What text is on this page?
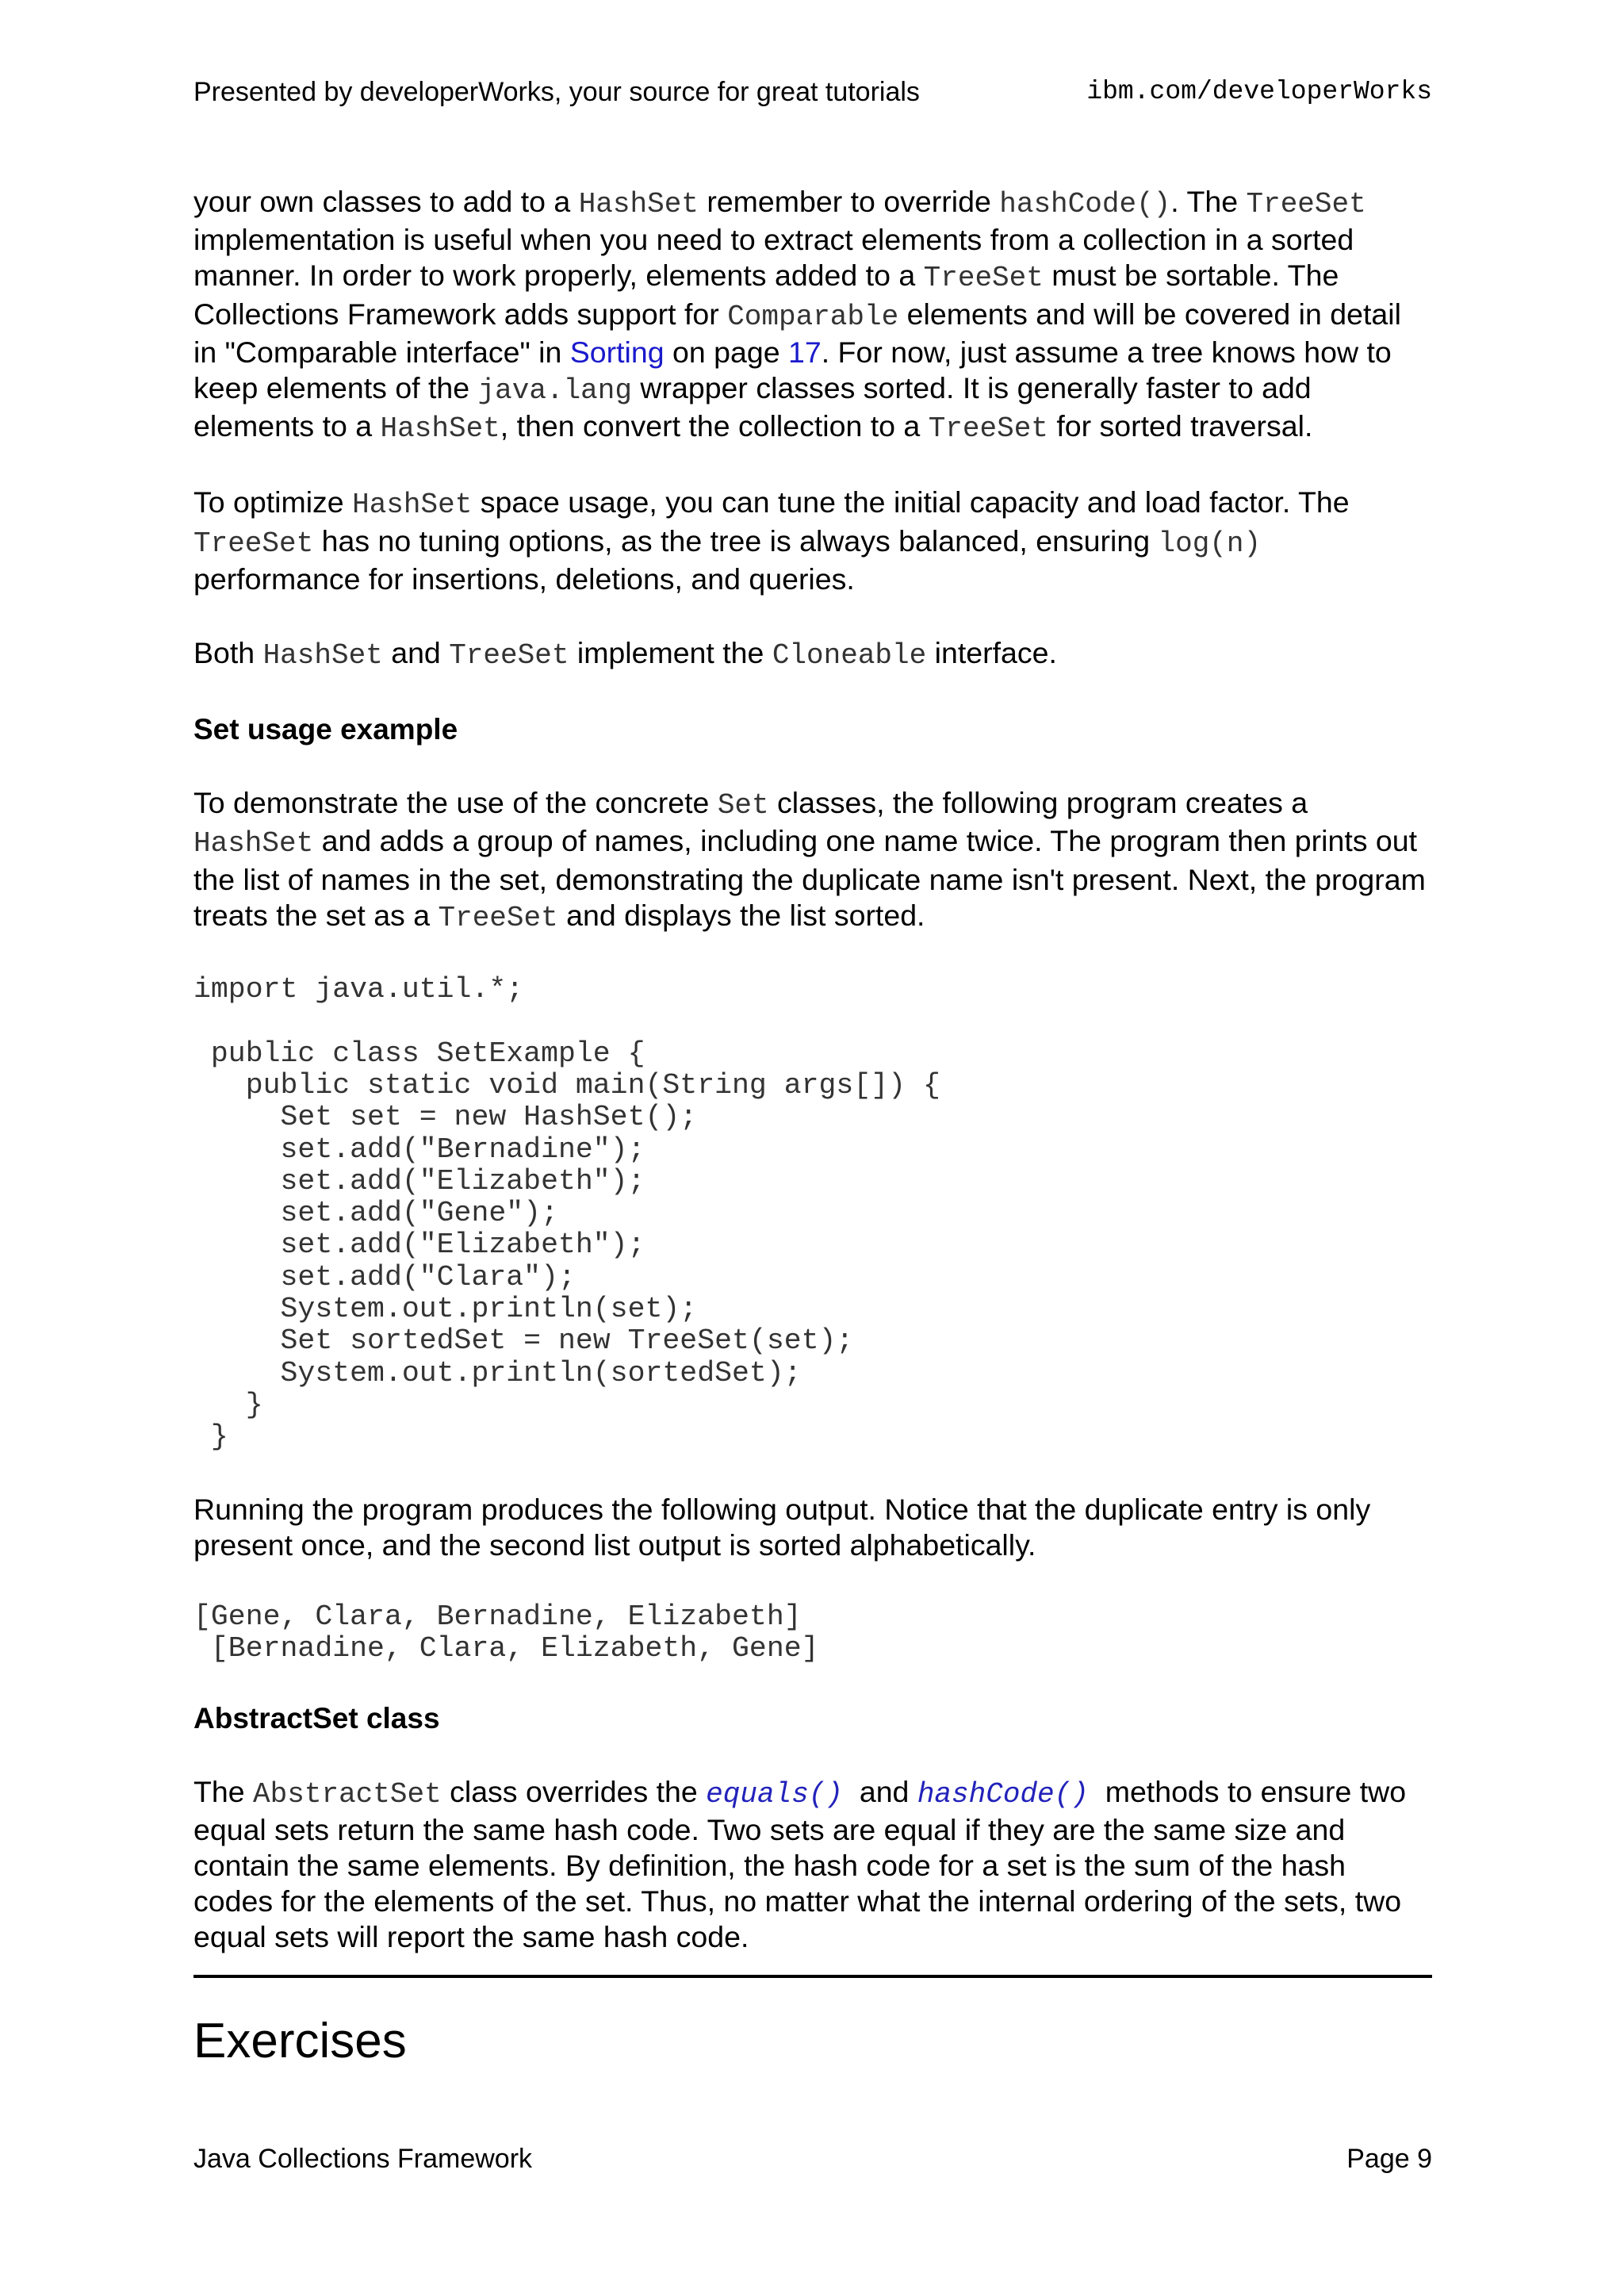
Presented by developerWorks, your source for great tutorials	ibm.com/developerWorks

your own classes to add to a HashSet remember to override hashCode(). The TreeSet implementation is useful when you need to extract elements from a collection in a sorted manner. In order to work properly, elements added to a TreeSet must be sortable. The Collections Framework adds support for Comparable elements and will be covered in detail in "Comparable interface" in Sorting on page 17. For now, just assume a tree knows how to keep elements of the java.lang wrapper classes sorted. It is generally faster to add elements to a HashSet, then convert the collection to a TreeSet for sorted traversal.

To optimize HashSet space usage, you can tune the initial capacity and load factor. The TreeSet has no tuning options, as the tree is always balanced, ensuring log(n) performance for insertions, deletions, and queries.

Both HashSet and TreeSet implement the Cloneable interface.

Set usage example

To demonstrate the use of the concrete Set classes, the following program creates a HashSet and adds a group of names, including one name twice. The program then prints out the list of names in the set, demonstrating the duplicate name isn't present. Next, the program treats the set as a TreeSet and displays the list sorted.

import java.util.*;

public class SetExample {
public static void main(String args[]) {
Set set = new HashSet();
set.add("Bernadine");
set.add("Elizabeth");
set.add("Gene");
set.add("Elizabeth");
set.add("Clara");
System.out.println(set);
Set sortedSet = new TreeSet(set);
System.out.println(sortedSet);
}
}

Running the program produces the following output. Notice that the duplicate entry is only present once, and the second list output is sorted alphabetically.

[Gene, Clara, Bernadine, Elizabeth]
[Bernadine, Clara, Elizabeth, Gene]
AbstractSet class

The AbstractSet class overrides the equals()  and hashCode()  methods to ensure two equal sets return the same hash code. Two sets are equal if they are the same size and contain the same elements. By definition, the hash code for a set is the sum of the hash codes for the elements of the set. Thus, no matter what the internal ordering of the sets, two equal sets will report the same hash code.

Exercises
Java Collections Framework	Page 9
